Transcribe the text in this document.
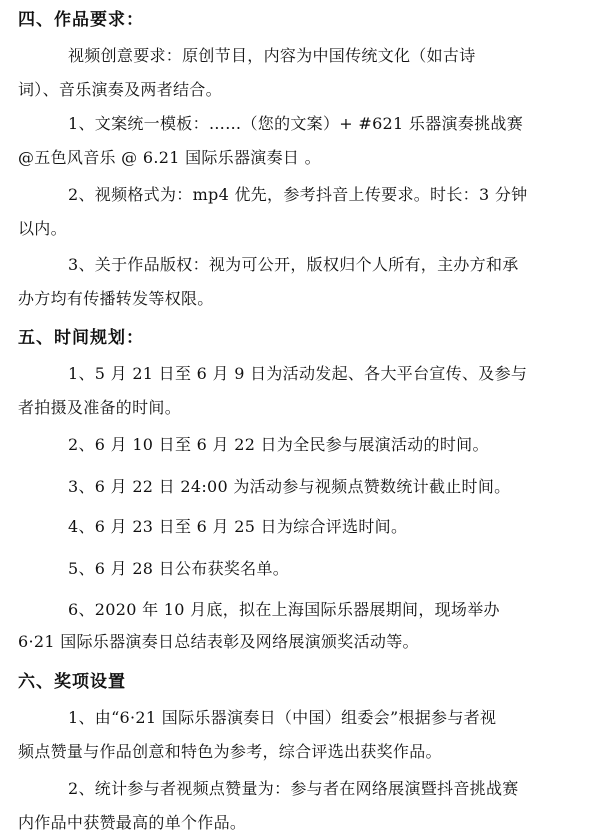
四、作品要求：
视频创意要求：原创节目，内容为中国传统文化（如古诗
词）、音乐演奏及两者结合。
1、文案统一模板：……（您的文案）+ #621 乐器演奏挑战赛
@五色风音乐 @ 6.21 国际乐器演奏日 。
2、视频格式为：mp4 优先，参考抖音上传要求。时长：3 分钟
以内。
3、关于作品版权：视为可公开，版权归个人所有，主办方和承
办方均有传播转发等权限。
五、时间规划：
1、5 月 21 日至 6 月 9 日为活动发起、各大平台宣传、及参与
者拍摄及准备的时间。
2、6 月 10 日至 6 月 22 日为全民参与展演活动的时间。
3、6 月 22 日 24:00 为活动参与视频点赞数统计截止时间。
4、6 月 23 日至 6 月 25 日为综合评选时间。
5、6 月 28 日公布获奖名单。
6、2020 年 10 月底，拟在上海国际乐器展期间，现场举办
6·21 国际乐器演奏日总结表彰及网络展演颁奖活动等。
六、奖项设置
1、由“6·21 国际乐器演奏日（中国）组委会”根据参与者视
频点赞量与作品创意和特色为参考，综合评选出获奖作品。
2、统计参与者视频点赞量为：参与者在网络展演暨抖音挑战赛
内作品中获赞最高的单个作品。
